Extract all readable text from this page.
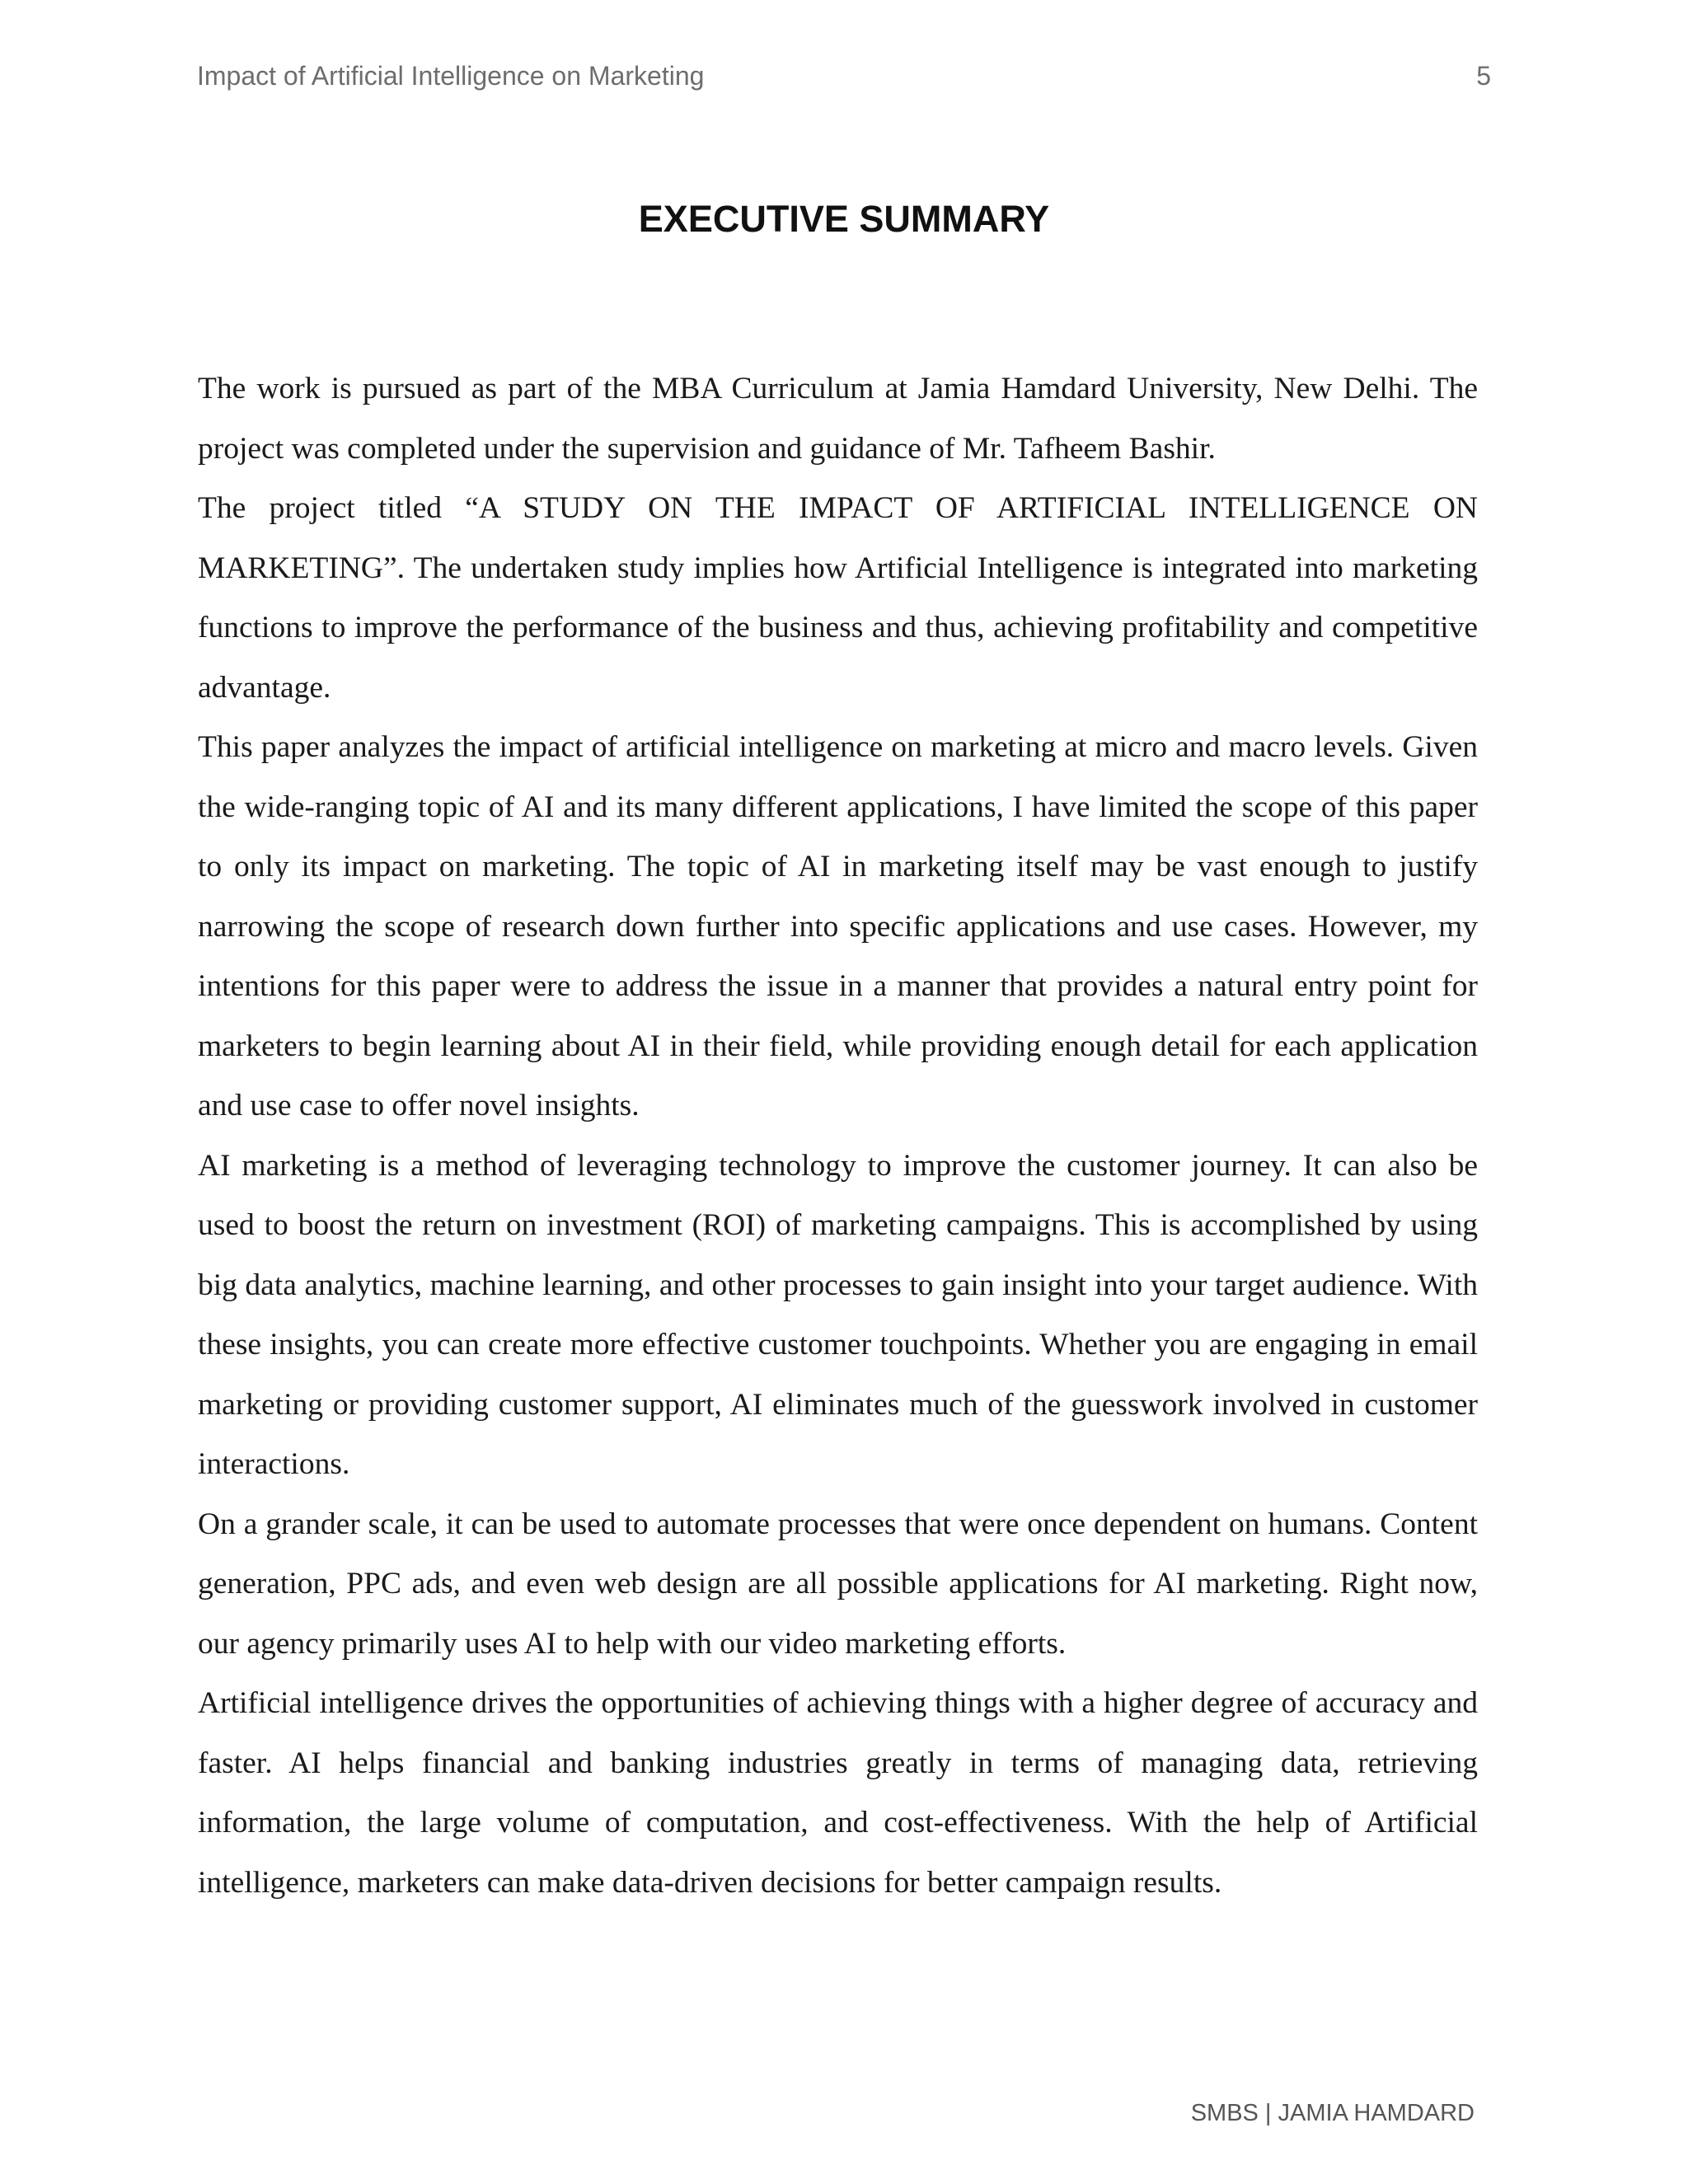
Impact of Artificial Intelligence on Marketing	5
EXECUTIVE SUMMARY

The work is pursued as part of the MBA Curriculum at Jamia Hamdard University, New Delhi. The project was completed under the supervision and guidance of Mr. Tafheem Bashir.

The project titled “A STUDY ON THE IMPACT OF ARTIFICIAL INTELLIGENCE ON MARKETING”. The undertaken study implies how Artificial Intelligence is integrated into marketing functions to improve the performance of the business and thus, achieving profitability and competitive advantage.

This paper analyzes the impact of artificial intelligence on marketing at micro and macro levels. Given the wide-ranging topic of AI and its many different applications, I have limited the scope of this paper to only its impact on marketing. The topic of AI in marketing itself may be vast enough to justify narrowing the scope of research down further into specific applications and use cases. However, my intentions for this paper were to address the issue in a manner that provides a natural entry point for marketers to begin learning about AI in their field, while providing enough detail for each application and use case to offer novel insights.

AI marketing is a method of leveraging technology to improve the customer journey. It can also be used to boost the return on investment (ROI) of marketing campaigns. This is accomplished by using big data analytics, machine learning, and other processes to gain insight into your target audience. With these insights, you can create more effective customer touchpoints. Whether you are engaging in email marketing or providing customer support, AI eliminates much of the guesswork involved in customer interactions.

On a grander scale, it can be used to automate processes that were once dependent on humans. Content generation, PPC ads, and even web design are all possible applications for AI marketing. Right now, our agency primarily uses AI to help with our video marketing efforts.

Artificial intelligence drives the opportunities of achieving things with a higher degree of accuracy and faster. AI helps financial and banking industries greatly in terms of managing data, retrieving information, the large volume of computation, and cost-effectiveness. With the help of Artificial intelligence, marketers can make data-driven decisions for better campaign results.

SMBS | JAMIA HAMDARD
